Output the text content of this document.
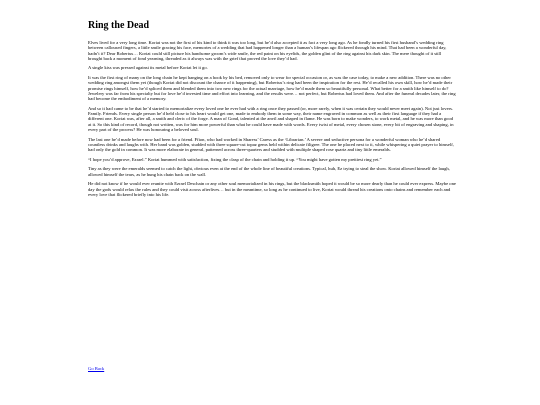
Ring the Dead

Elves lived for a very long time. Koriat was not the first of his kind to think it was too long, but he’d also accepted it as fact a very long ago. As he fondly turned his first husband’s wedding ring between calloused fingers, a little smile gracing his face, memories of a wedding that had happened longer than a human’s lifespan ago flickered through his mind. That had been a wonderful day, hadn’t it? Dear Robertus… Koriat could still picture his handsome groom’s wide smile, the red paint on his eyelids, the golden glint of the ring against his dark skin. The mere thought of it still brought back a moment of fond yearning, threaded as it always was with the grief that proved the love they’d had.

A single kiss was pressed against its metal before Koriat let it go.

It was the first ring of many on the long chain he kept hanging on a hook by his bed, removed only to wear for special occasion or, as was the case today, to make a new addition. There was no other wedding ring amongst them yet (though Koriat did not discount the chance of it happening), but Robertus’s ring had been the inspiration for the rest. He’d recalled his own skill, how he’d made their promise rings himself, how he’d spliced them and blended them into two new rings for the actual marriage, how he’d made them so beautifully personal. What better for a smith like himself to do? Jewelery was far from his specialty but for love he’d invested time and effort into learning, and the results were… not perfect, but Robertus had loved them. And after the funeral decades later, the ring had become the embodiment of a memory.

And so it had came to be that he’d started to memorialize every loved one he ever had with a ring once they passed (or, more rarely, when it was certain they would never meet again). Not just lovers. Family. Friends. Every single person he’d held close to his heart would get one, made to embody them in some way, their name engraved in common as well as their first language if they had a different one. Koriat was, after all, a smith and cleric of the forge. A man of Gond, talented at the anvil and shaped in flame. He was born to make wonders, to work metal, and he was more than good at it. So this kind of record, though not written, was for him more powerful than what he could have made with words. Every twist of metal, every chosen stone, every bit of engraving and shaping, in every part of the process? He was honouring a beloved soul.

The last one he’d made before now had been for a friend. Ffion, who had worked in Sharess’ Caress as the ‘Librarian.’ A severe and seductive persona for a wonderful woman who he’d shared countless drinks and laughs with. Her band was golden, studded with three square-cut topaz gems held within delicate filigree. The one he placed next to it, while whispering a quiet prayer to himself, had only the gold in common. It was more elaborate in general, patterned across three-quarters and studded with multiple shaped rose quartz and tiny little emeralds.

“I hope you’d approve, Ezrael.” Koriat hummed with satisfaction, fixing the clasp of the chain and holding it up. “You might have gotten my prettiest ring yet.”

Tiny as they were the emeralds seemed to catch the light, obvious even at the end of the whole line of beautiful creations. Typical, huh, Ez trying to steal the show. Koriat allowed himself the laugh, allowed himself the tears, as he hung his chain back on the wall.

He did not know if he would ever reunite with Ezrael Deschain or any other soul memorialized in his rings, but the blacksmith hoped it would be so more dearly than he could ever express. Maybe one day the gods would relax the rules and they could visit across afterlives… but in the meantime, so long as he continued to live, Koriat would thread his creations onto chains and remember each and every love that flickered briefly into his life.

Go Back
